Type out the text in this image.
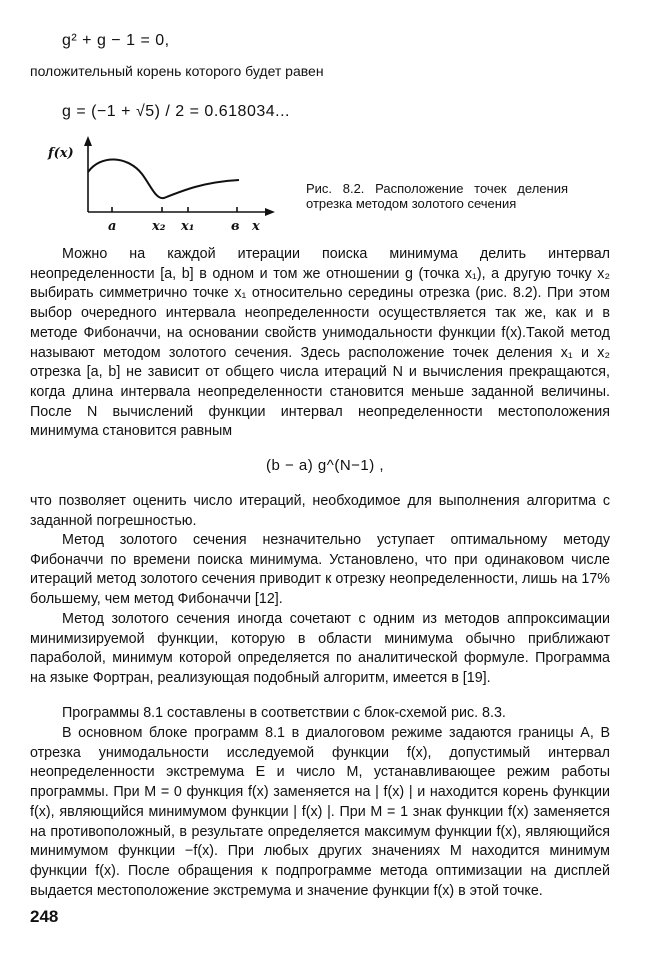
g² + g − 1 = 0,
положительный корень которого будет равен
g = (−1 + √5) / 2 = 0.618034...
f(x)
a	x₂ x₁	в x

Рис. 8.2. Расположение точек деления отрезка методом золотого сечения

Можно на каждой итерации поиска минимума делить интервал неопределенности [a, b] в одном и том же отношении g (точка x₁), а другую точку x₂ выбирать симметрично точке x₁ относительно середины отрезка (рис. 8.2). При этом выбор очередного интервала неопределенности осуществляется так же, как и в методе Фибоначчи, на основании свойств унимодальности функции f(x).Такой метод называют методом золотого сечения. Здесь расположение точек деления x₁ и x₂ отрезка [a, b] не зависит от общего числа итераций N и вычисления прекращаются, когда длина интервала неопределенности становится меньше заданной величины. После N вычислений функции интервал неопределенности местоположения минимума становится равным

(b − a) g^(N−1) ,

что позволяет оценить число итераций, необходимое для выполнения алгоритма с заданной погрешностью.

Метод золотого сечения незначительно уступает оптимальному методу Фибоначчи по времени поиска минимума. Установлено, что при одинаковом числе итераций метод золотого сечения приводит к отрезку неопределенности, лишь на 17% большему, чем метод Фибоначчи [12].

Метод золотого сечения иногда сочетают с одним из методов аппроксимации минимизируемой функции, которую в области минимума обычно приближают параболой, минимум которой определяется по аналитической формуле. Программа на языке Фортран, реализующая подобный алгоритм, имеется в [19].

Программы 8.1 составлены в соответствии с блок-схемой рис. 8.3.

В основном блоке программ 8.1 в диалоговом режиме задаются границы А, В отрезка унимодальности исследуемой функции f(x), допустимый интервал неопределенности экстремума Е и число М, устанавливающее режим работы программы. При М = 0 функция f(x) заменяется на | f(x) | и находится корень функции f(x), являющийся минимумом функции | f(x) |. При М = 1 знак функции f(x) заменяется на противоположный, в результате определяется максимум функции f(x), являющийся минимумом функции −f(x). При любых других значениях М находится минимум функции f(x). После обращения к подпрограмме метода оптимизации на дисплей выдается местоположение экстремума и значение функции f(x) в этой точке.

248
